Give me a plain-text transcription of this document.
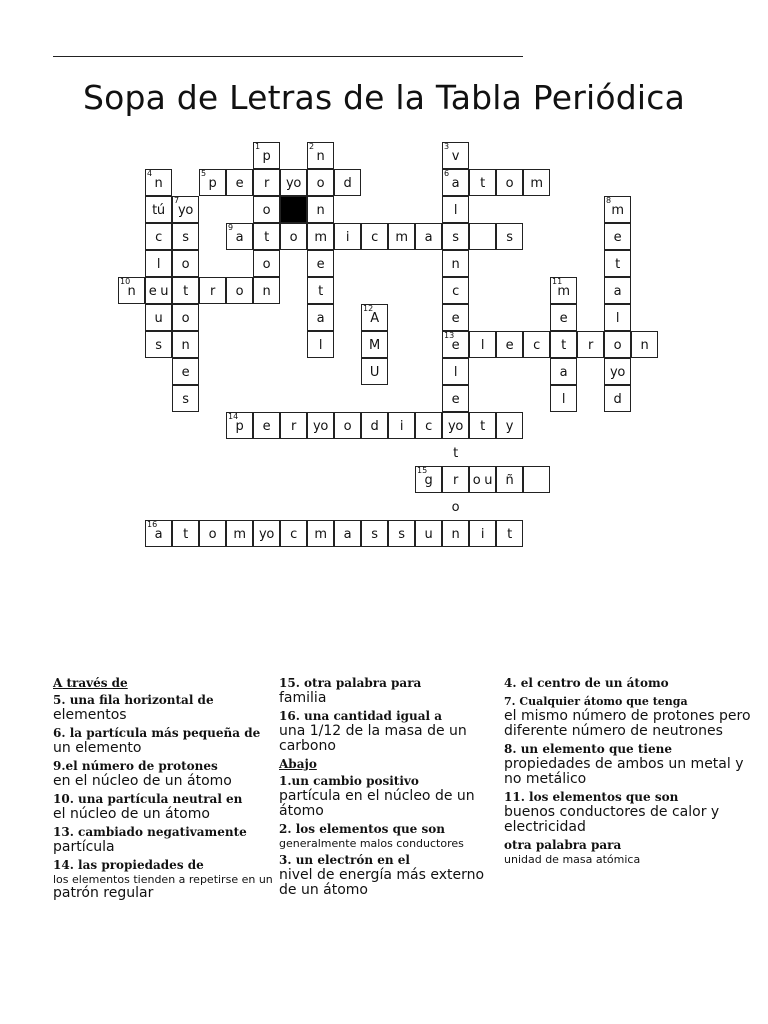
Sopa de Letras de la Tabla Periódica
1
p
2
n
3
v
4
n
5
p e r yo o d
6
a t o m
tú
7
yo	o	n	l
8
m
c s
9
a t o m i c m a s	s	e
l o	o	e	n	t
10
n e u t r o n	t	c
11
m	a
u o	a
12
A	e	e	l
s n	l	M
13
e l e c t r o n
e	U	l	a	yo
s	e	l	d
14
p e r yo o d i c yo t y
t
15
g r o u ñ
o
16
a t o m yo c m a s s u n i t
A través de
5. una fila horizontal de
elementos
6. la partícula más pequeña de
un elemento
9.el número de protones
en el núcleo de un átomo
10. una partícula neutral en
el núcleo de un átomo
13. cambiado negativamente
partícula
14. las propiedades de
los elementos tienden a repetirse en un
patrón regular
15. otra palabra para
familia
16. una cantidad igual a
una 1/12 de la masa de un carbono
Abajo
1.un cambio positivo
partícula en el núcleo de un átomo
2. los elementos que son
generalmente malos conductores
3. un electrón en el
nivel de energía más externo de un átomo
4. el centro de un átomo
7. Cualquier átomo que tenga
el mismo número de protones pero diferente número de neutrones
8. un elemento que tiene
propiedades de ambos un metal y no metálico
11. los elementos que son
buenos conductores de calor y electricidad
otra palabra para
unidad de masa atómica
